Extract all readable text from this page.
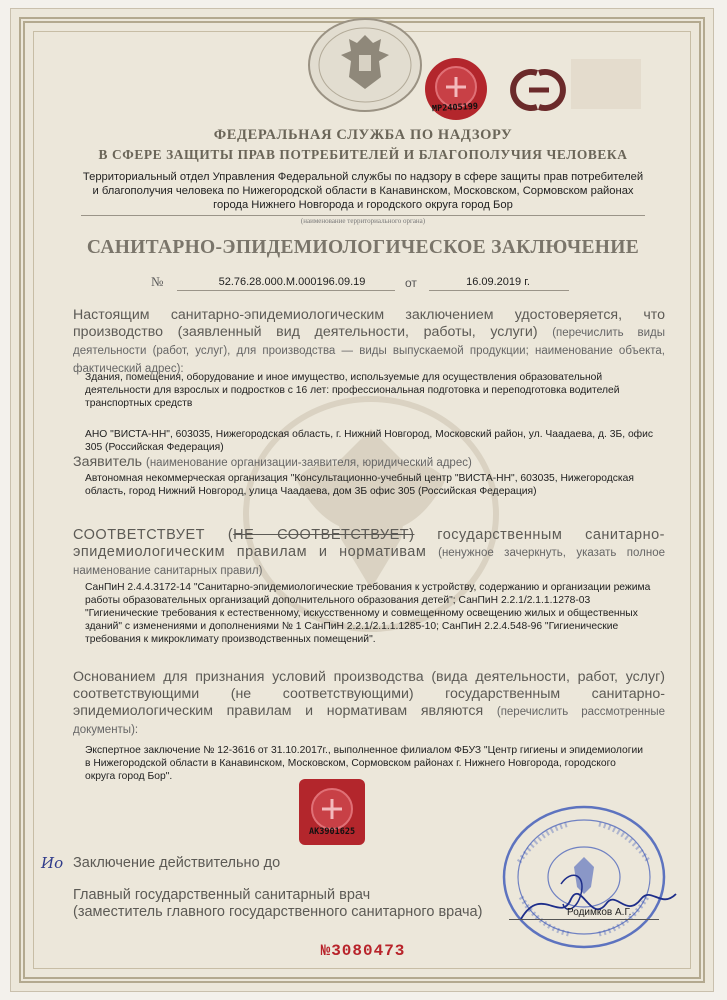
MP2405199

ФЕДЕРАЛЬНАЯ СЛУЖБА ПО НАДЗОРУ

В СФЕРЕ ЗАЩИТЫ ПРАВ ПОТРЕБИТЕЛЕЙ И БЛАГОПОЛУЧИЯ ЧЕЛОВЕКА

Территориальный отдел Управления Федеральной службы по надзору в сфере защиты прав потребителей и благополучия человека по Нижегородской области в Канавинском, Московском, Сормовском районах города Нижнего Новгорода и городского округа город Бор

(наименование территориального органа)

САНИТАРНО-ЭПИДЕМИОЛОГИЧЕСКОЕ ЗАКЛЮЧЕНИЕ

№	52.76.28.000.М.000196.09.19	от	16.09.2019 г.

Настоящим санитарно-эпидемиологическим заключением удостоверяется, что производство (заявленный вид деятельности, работы, услуги) (перечислить виды деятельности (работ, услуг), для производства — виды выпускаемой продукции; наименование объекта, фактический адрес):

Здания, помещения, оборудование и иное имущество, используемые для осуществления образовательной деятельности для взрослых и подростков с 16 лет: профессиональная подготовка и переподготовка водителей транспортных средств

АНО "ВИСТА-НН", 603035, Нижегородская область, г. Нижний Новгород, Московский район, ул. Чаадаева, д. 3Б, офис 305 (Российская Федерация)

Заявитель (наименование организации-заявителя, юридический адрес)

Автономная некоммерческая организация "Консультационно-учебный центр "ВИСТА-НН", 603035, Нижегородская область, город Нижний Новгород, улица Чаадаева, дом 3Б офис 305 (Российская Федерация)

СООТВЕТСТВУЕТ (НЕ СООТВЕТСТВУЕТ) государственным санитарно-эпидемиологическим правилам и нормативам (ненужное зачеркнуть, указать полное наименование санитарных правил)

СанПиН 2.4.4.3172-14 "Санитарно-эпидемиологические требования к устройству, содержанию и организации режима работы образовательных организаций дополнительного образования детей"; СанПиН 2.2.1/2.1.1.1278-03 "Гигиенические требования к естественному, искусственному и совмещенному освещению жилых и общественных зданий" с изменениями и дополнениями № 1 СанПиН 2.2.1/2.1.1.1285-10; СанПиН 2.2.4.548-96 "Гигиенические требования к микроклимату производственных помещений".

Основанием для признания условий производства (вида деятельности, работ, услуг) соответствующими (не соответствующими) государственным санитарно-эпидемиологическим правилам и нормативам являются (перечислить рассмотренные документы):

Экспертное заключение № 12-3616 от 31.10.2017г., выполненное филиалом ФБУЗ "Центр гигиены и эпидемиологии в Нижегородской области в Канавинском, Московском, Сормовском районах г. Нижнего Новгорода, городского округа город Бор".

AK3901625
Ио Заключение действительно до

Главный государственный санитарный врач

(заместитель главного государственного санитарного врача)	Родимков А.Г.

№3080473
